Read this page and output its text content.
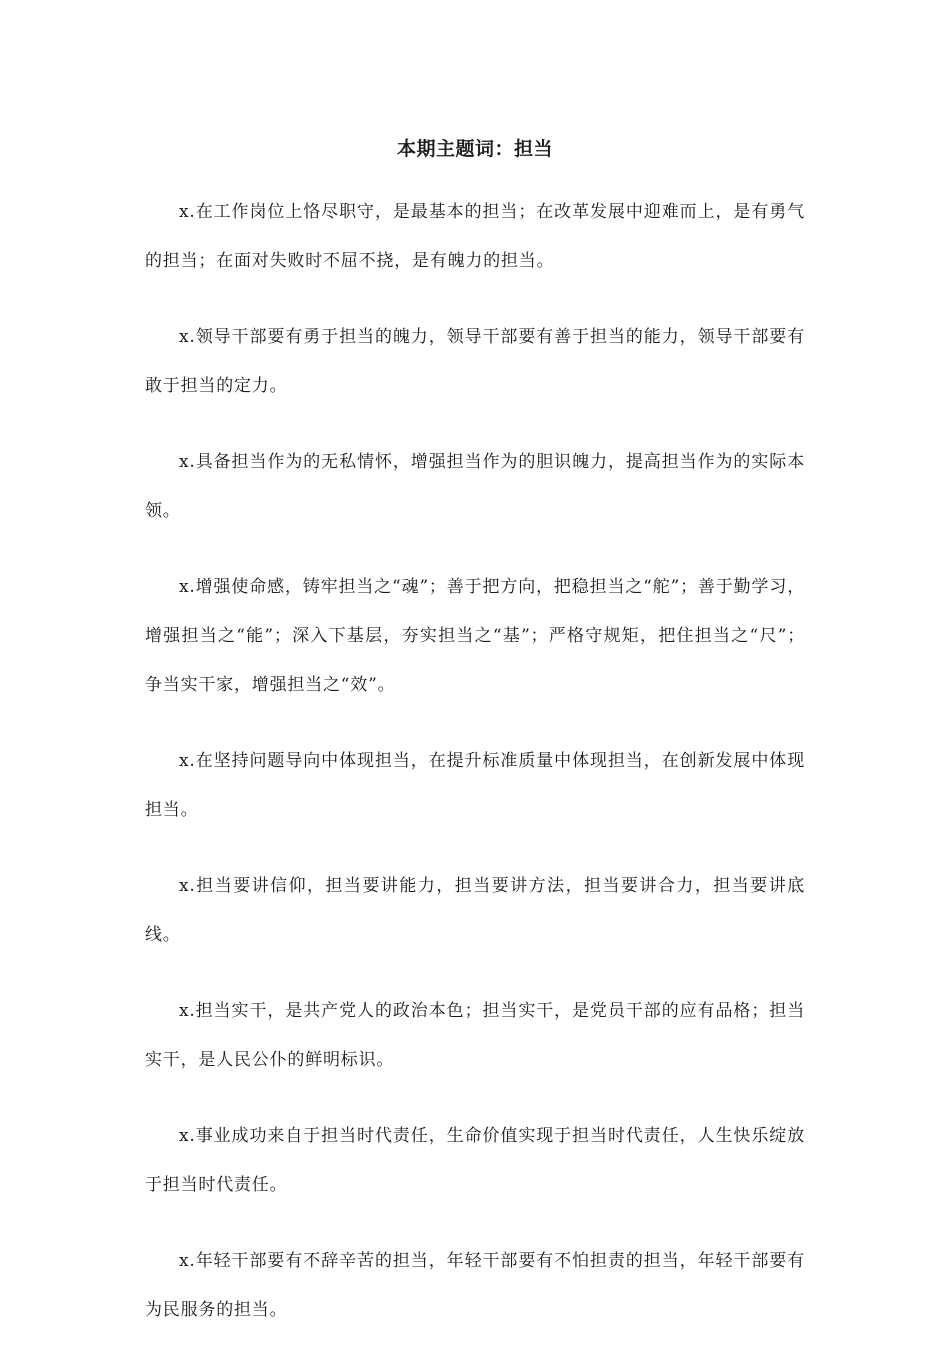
本期主题词：担当

x.在工作岗位上恪尽职守，是最基本的担当；在改革发展中迎难而上，是有勇气的担当；在面对失败时不屈不挠，是有魄力的担当。

x.领导干部要有勇于担当的魄力，领导干部要有善于担当的能力，领导干部要有敢于担当的定力。

x.具备担当作为的无私情怀，增强担当作为的胆识魄力，提高担当作为的实际本领。

x.增强使命感，铸牢担当之“魂”；善于把方向，把稳担当之“舵”；善于勤学习，增强担当之“能”；深入下基层，夯实担当之“基”；严格守规矩，把住担当之“尺”；争当实干家，增强担当之“效”。

x.在坚持问题导向中体现担当，在提升标准质量中体现担当，在创新发展中体现担当。

x.担当要讲信仰，担当要讲能力，担当要讲方法，担当要讲合力，担当要讲底线。

x.担当实干，是共产党人的政治本色；担当实干，是党员干部的应有品格；担当实干，是人民公仆的鲜明标识。

x.事业成功来自于担当时代责任，生命价值实现于担当时代责任，人生快乐绽放于担当时代责任。

x.年轻干部要有不辞辛苦的担当，年轻干部要有不怕担责的担当，年轻干部要有为民服务的担当。
